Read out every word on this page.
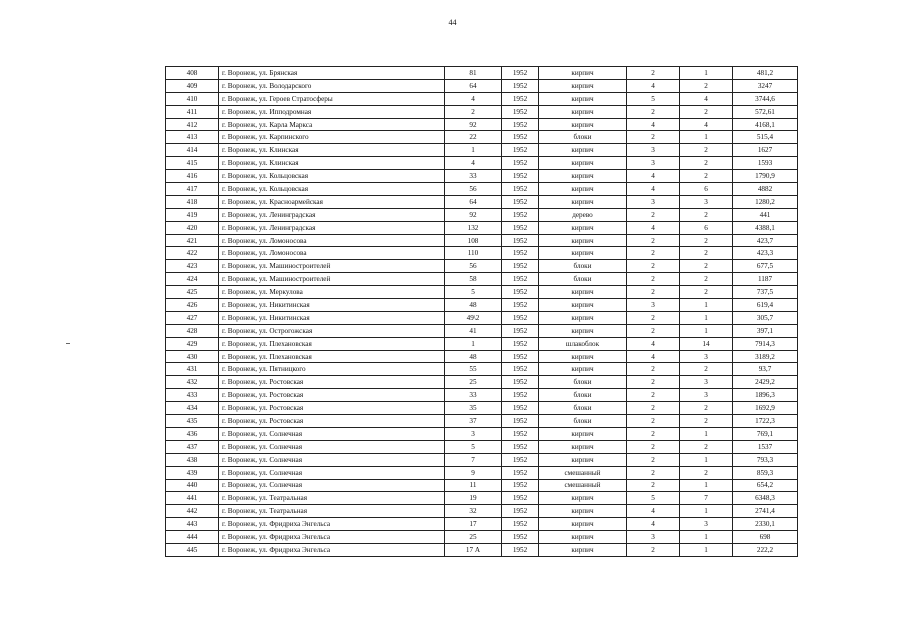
44
408	г. Воронеж, ул. Брянская	81	1952	кирпич	2	1	481,2
409	г. Воронеж, ул. Володарского	64	1952	кирпич	4	2	3247
410	г. Воронеж, ул. Героев Стратосферы	4	1952	кирпич	5	4	3744,6
411	г. Воронеж, ул. Ипподромная	2	1952	кирпич	2	2	572,61
412	г. Воронеж, ул. Карла Маркса	92	1952	кирпич	4	4	4168,1
413	г. Воронеж, ул. Карпинского	22	1952	блоки	2	1	515,4
414	г. Воронеж, ул. Клинская	1	1952	кирпич	3	2	1627
415	г. Воронеж, ул. Клинская	4	1952	кирпич	3	2	1593
416	г. Воронеж, ул. Кольцовская	33	1952	кирпич	4	2	1790,9
417	г. Воронеж, ул. Кольцовская	56	1952	кирпич	4	6	4882
418	г. Воронеж, ул. Красноармейская	64	1952	кирпич	3	3	1280,2
419	г. Воронеж, ул. Ленинградская	92	1952	дерево	2	2	441
420	г. Воронеж, ул. Ленинградская	132	1952	кирпич	4	6	4388,1
421	г. Воронеж, ул. Ломоносова	108	1952	кирпич	2	2	423,7
422	г. Воронеж, ул. Ломоносова	110	1952	кирпич	2	2	423,3
423	г. Воронеж, ул. Машиностроителей	56	1952	блоки	2	2	677,5
424	г. Воронеж, ул. Машиностроителей	58	1952	блоки	2	2	1187
425	г. Воронеж, ул. Меркулова	5	1952	кирпич	2	2	737,5
426	г. Воронеж, ул. Никитинская	48	1952	кирпич	3	1	619,4
427	г. Воронеж, ул. Никитинская	49\2	1952	кирпич	2	1	305,7
428	г. Воронеж, ул. Острогожская	41	1952	кирпич	2	1	397,1
429	г. Воронеж, ул. Плехановская	1	1952	шлакоблок	4	14	7914,3
430	г. Воронеж, ул. Плехановская	48	1952	кирпич	4	3	3189,2
431	г. Воронеж, ул. Пятницкого	55	1952	кирпич	2	2	93,7
432	г. Воронеж, ул. Ростовская	25	1952	блоки	2	3	2429,2
433	г. Воронеж, ул. Ростовская	33	1952	блоки	2	3	1896,3
434	г. Воронеж, ул. Ростовская	35	1952	блоки	2	2	1692,9
435	г. Воронеж, ул. Ростовская	37	1952	блоки	2	2	1722,3
436	г. Воронеж, ул. Солнечная	3	1952	кирпич	2	1	769,1
437	г. Воронеж, ул. Солнечная	5	1952	кирпич	2	2	1537
438	г. Воронеж, ул. Солнечная	7	1952	кирпич	2	1	793,3
439	г. Воронеж, ул. Солнечная	9	1952	смешанный	2	2	859,3
440	г. Воронеж, ул. Солнечная	11	1952	смешанный	2	1	654,2
441	г. Воронеж, ул. Театральная	19	1952	кирпич	5	7	6348,3
442	г. Воронеж, ул. Театральная	32	1952	кирпич	4	1	2741,4
443	г. Воронеж, ул. Фридриха Энгельса	17	1952	кирпич	4	3	2330,1
444	г. Воронеж, ул. Фридриха Энгельса	25	1952	кирпич	3	1	698
445	г. Воронеж, ул. Фридриха Энгельса	17 А	1952	кирпич	2	1	222,2
